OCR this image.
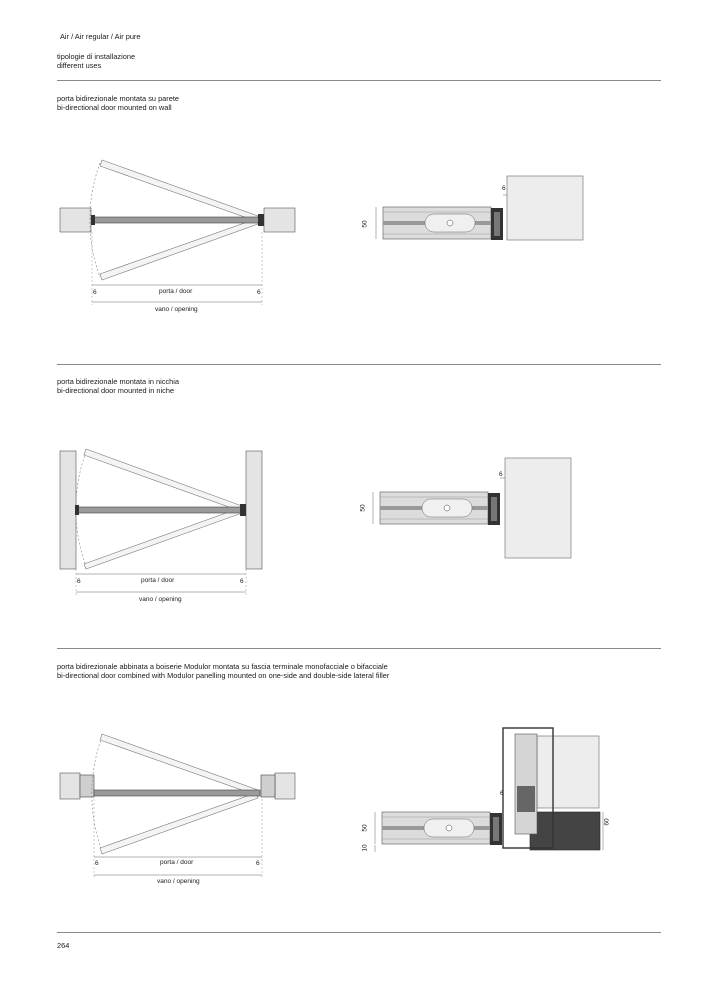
Air / Air regular / Air pure
tipologie di installazione
different uses
porta bidirezionale montata su parete
bi-directional door mounted on wall
6	porta / door	6
vano / opening
6
50
porta bidirezionale montata in nicchia
bi-directional door mounted in niche
6	porta / door	6
vano / opening
6
50
porta bidirezionale abbinata a boiserie Modulor montata su fascia terminale monofacciale o bifacciale
bi-directional door combined with Modulor panelling mounted on one-side and double-side lateral filler
6	porta / door	6
vano / opening
6
50
10
60
264
